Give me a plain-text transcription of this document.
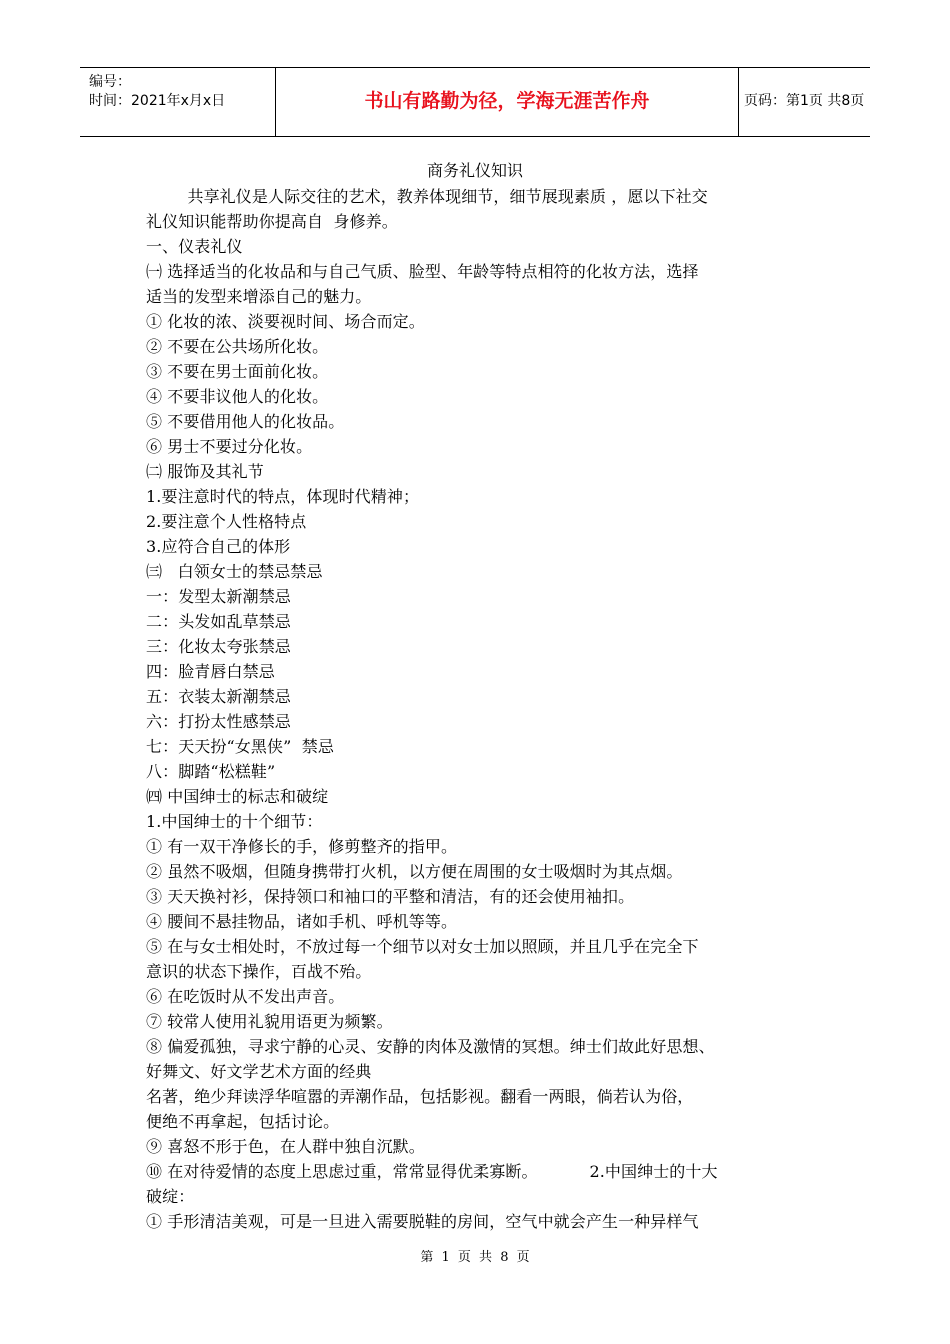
编号：
时间：2021年x月x日	书山有路勤为径，学海无涯苦作舟	页码：第1页 共8页
商务礼仪知识

共享礼仪是人际交往的艺术，教养体现细节，细节展现素质 ，愿以下社交

礼仪知识能帮助你提高自  身修养。

一、仪表礼仪

㈠ 选择适当的化妆品和与自己气质、脸型、年龄等特点相符的化妆方法，选择

适当的发型来增添自己的魅力。

① 化妆的浓、淡要视时间、场合而定。

② 不要在公共场所化妆。

③ 不要在男士面前化妆。

④ 不要非议他人的化妆。

⑤ 不要借用他人的化妆品。

⑥ 男士不要过分化妆。

㈡ 服饰及其礼节

1.要注意时代的特点，体现时代精神；

2.要注意个人性格特点

3.应符合自己的体形

㈢   白领女士的禁忌禁忌

一：发型太新潮禁忌

二：头发如乱草禁忌

三：化妆太夸张禁忌

四：脸青唇白禁忌

五：衣装太新潮禁忌

六：打扮太性感禁忌

七：天天扮“女黑侠”  禁忌

八：脚踏“松糕鞋”

㈣ 中国绅士的标志和破绽

1.中国绅士的十个细节：

① 有一双干净修长的手，修剪整齐的指甲。

② 虽然不吸烟，但随身携带打火机，以方便在周围的女士吸烟时为其点烟。

③ 天天换衬衫，保持领口和袖口的平整和清洁，有的还会使用袖扣。

④ 腰间不悬挂物品，诸如手机、呼机等等。

⑤ 在与女士相处时，不放过每一个细节以对女士加以照顾，并且几乎在完全下

意识的状态下操作，百战不殆。

⑥ 在吃饭时从不发出声音。

⑦ 较常人使用礼貌用语更为频繁。

⑧ 偏爱孤独，寻求宁静的心灵、安静的肉体及激情的冥想。绅士们故此好思想、

好舞文、好文学艺术方面的经典

名著，绝少拜读浮华喧嚣的弄潮作品，包括影视。翻看一两眼，倘若认为俗，

便绝不再拿起，包括讨论。

⑨ 喜怒不形于色，在人群中独自沉默。

⑩ 在对待爱情的态度上思虑过重，常常显得优柔寡断。          2.中国绅士的十大

破绽：

① 手形清洁美观，可是一旦进入需要脱鞋的房间，空气中就会产生一种异样气

第 1 页 共 8 页
